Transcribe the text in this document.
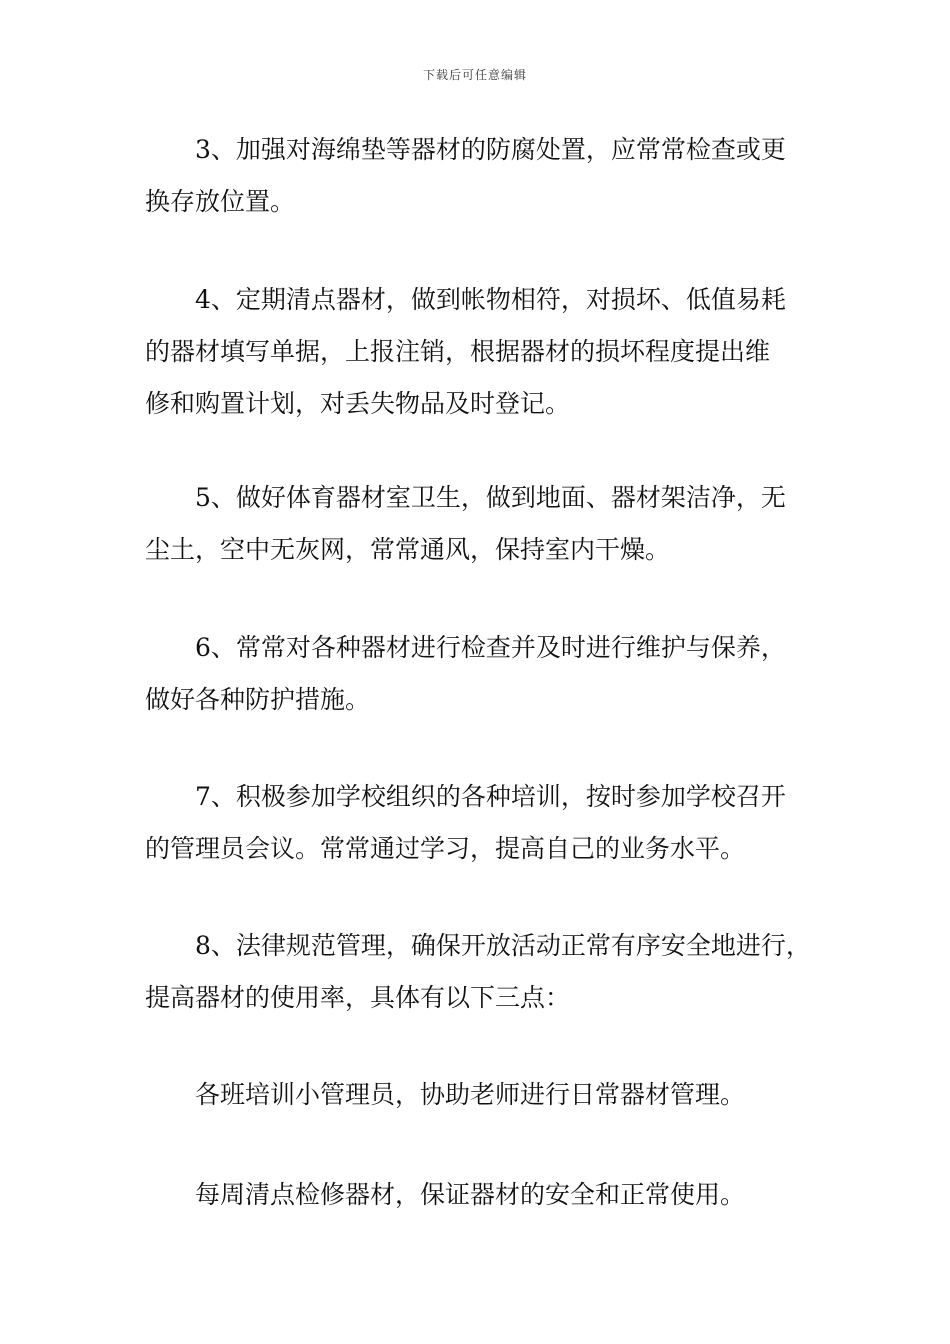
下载后可任意编辑
3、加强对海绵垫等器材的防腐处置，应常常检查或更
换存放位置。
4、定期清点器材，做到帐物相符，对损坏、低值易耗
的器材填写单据，上报注销，根据器材的损坏程度提出维
修和购置计划，对丢失物品及时登记。
5、做好体育器材室卫生，做到地面、器材架洁净，无
尘土，空中无灰网，常常通风，保持室内干燥。
6、常常对各种器材进行检查并及时进行维护与保养，
做好各种防护措施。
7、积极参加学校组织的各种培训，按时参加学校召开
的管理员会议。常常通过学习，提高自己的业务水平。
8、法律规范管理，确保开放活动正常有序安全地进行，
提高器材的使用率，具体有以下三点：
各班培训小管理员，协助老师进行日常器材管理。
每周清点检修器材，保证器材的安全和正常使用。
